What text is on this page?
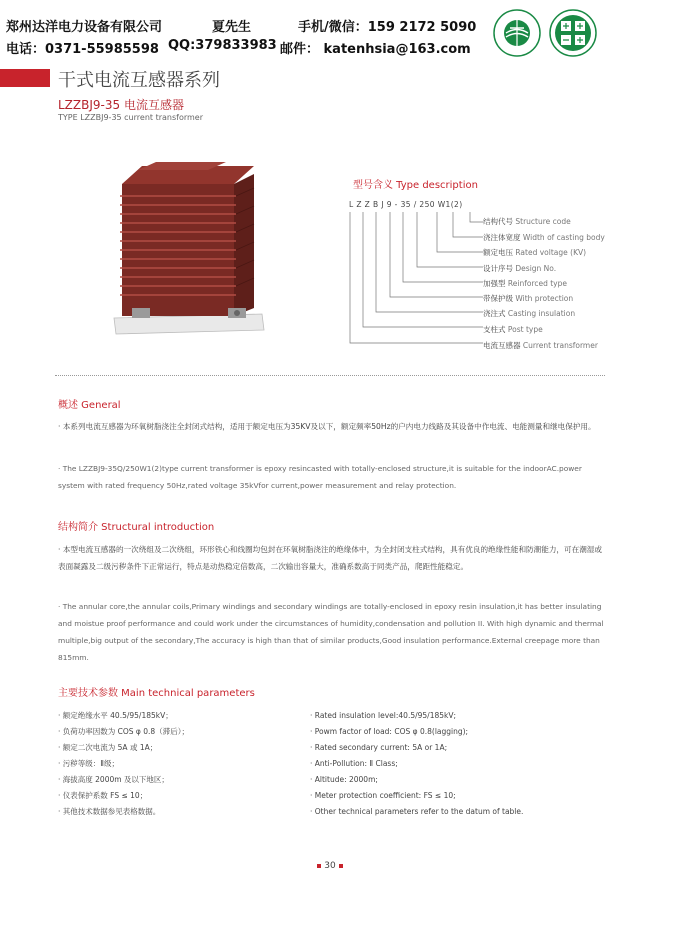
郑州达洋电力设备有限公司	夏先生	手机/微信：159 2172 5090
电话：0371-55985598 QQ:379833983 邮件： katenhsia@163.com
干式电流互感器系列
LZZBJ9-35 电流互感器
TYPE LZZBJ9-35 current transformer
型号含义 Type description
L Z Z B J 9 - 35 / 250 W1(2)
结构代号 Structure code
浇注体宽度 Width of casting body
额定电压 Rated voltage (KV)
设计序号 Design No.
加强型 Reinforced type
带保护级 With protection
浇注式 Casting insulation
支柱式 Post type
电流互感器 Current transformer
概述 General
· 本系列电流互感器为环氧树脂浇注全封闭式结构，适用于额定电压为35KV及以下，额定频率50Hz的户内电力线路及其设备中作电流、电能测量和继电保护用。
· The LZZBJ9-35Q/250W1(2)type current transformer is epoxy resincasted with totally-enclosed structure,it is suitable for the indoorAC.power system with rated frequency 50Hz,rated voltage 35kVfor current,power measurement and relay protection.
结构简介 Structural introduction
· 本型电流互感器的一次绕组及二次绕组，环形铁心和线圈均包封在环氧树脂浇注的绝缘体中，为全封闭支柱式结构，具有优良的绝缘性能和防潮能力，可在潮湿或表面凝露及二级污秽条件下正常运行，特点是动热稳定倍数高，二次输出容量大，准确系数高于同类产品，爬距性能稳定。
· The annular core,the annular coils,Primary windings and secondary windings are totally-enclosed in epoxy resin insulation,it has better insulating and moistue proof performance and could work under the circumstances of humidity,condensation and pollution II. With high dynamic and thermal multiple,big output of the secondary,The accuracy is high than that of similar products,Good insulation performance.External creepage more than 815mm.
主要技术参数 Main technical parameters
· 额定绝缘水平 40.5/95/185kV；
· 负荷功率因数为 COS φ 0.8（滞后）；
· 额定二次电流为 5A 或 1A；
· 污秽等级：Ⅱ级；
· 海拔高度 2000m 及以下地区；
· 仪表保护系数 FS ≤ 10；
· 其他技术数据参见表格数据。
· Rated insulation level:40.5/95/185kV;
· Powm factor of load: COS φ 0.8(lagging);
· Rated secondary current: 5A or 1A;
· Anti-Pollution: Ⅱ Class;
· Altitude: 2000m;
· Meter protection coefficient: FS ≤ 10;
· Other technical parameters refer to the datum of table.
30
